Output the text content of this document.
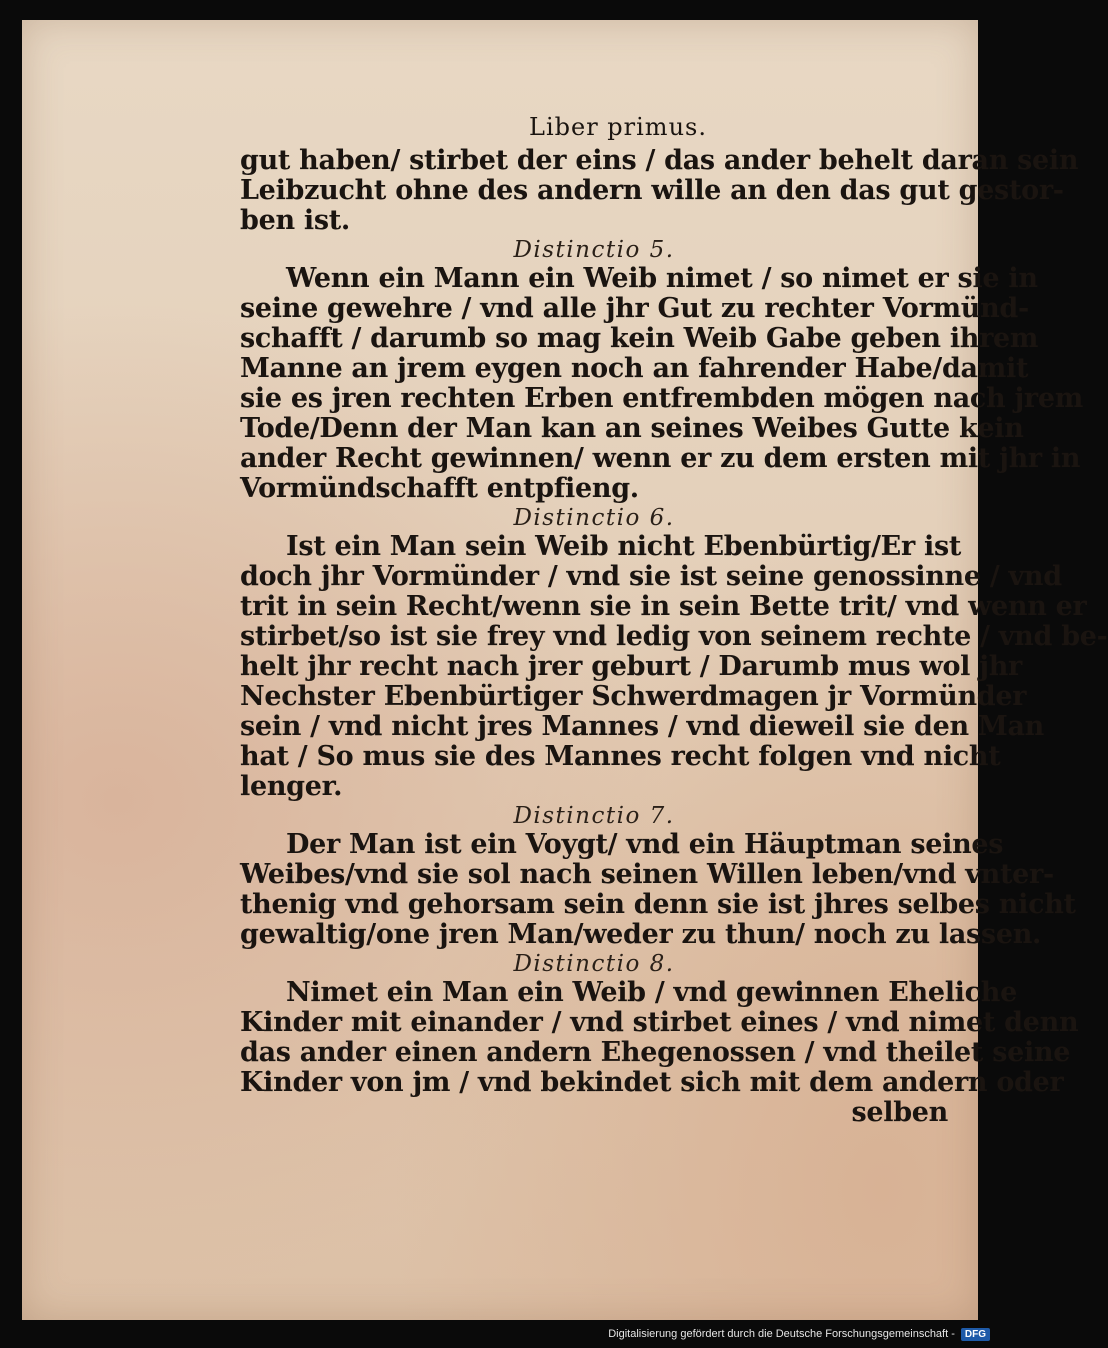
Liber primus.
gut haben/ stirbet der eins / das ander behelt daran sein
Leibzucht ohne des andern wille an den das gut gestor-
ben ist.
Distinctio 5.
Wenn ein Mann ein Weib nimet / so nimet er sie in
seine gewehre / vnd alle jhr Gut zu rechter Vormünd-
schafft / darumb so mag kein Weib Gabe geben ihrem
Manne an jrem eygen noch an fahrender Habe/damit
sie es jren rechten Erben entfrembden mögen nach jrem
Tode/Denn der Man kan an seines Weibes Gutte kein
ander Recht gewinnen/ wenn er zu dem ersten mit jhr in
Vormündschafft entpfieng.
Distinctio 6.
Ist ein Man sein Weib nicht Ebenbürtig/Er ist
doch jhr Vormünder / vnd sie ist seine genossinne / vnd
trit in sein Recht/wenn sie in sein Bette trit/ vnd wenn er
stirbet/so ist sie frey vnd ledig von seinem rechte / vnd be-
helt jhr recht nach jrer geburt / Darumb mus wol jhr
Nechster Ebenbürtiger Schwerdmagen jr Vormünder
sein / vnd nicht jres Mannes / vnd dieweil sie den Man
hat / So mus sie des Mannes recht folgen vnd nicht
lenger.
Distinctio 7.
Der Man ist ein Voygt/ vnd ein Häuptman seines
Weibes/vnd sie sol nach seinen Willen leben/vnd vnter-
thenig vnd gehorsam sein denn sie ist jhres selbes nicht
gewaltig/one jren Man/weder zu thun/ noch zu lassen.
Distinctio 8.
Nimet ein Man ein Weib / vnd gewinnen Eheliche
Kinder mit einander / vnd stirbet eines / vnd nimet denn
das ander einen andern Ehegenossen / vnd theilet seine
Kinder von jm / vnd bekindet sich mit dem andern oder
selben
Digitalisierung gefördert durch die Deutsche Forschungsgemeinschaft -	DFG
